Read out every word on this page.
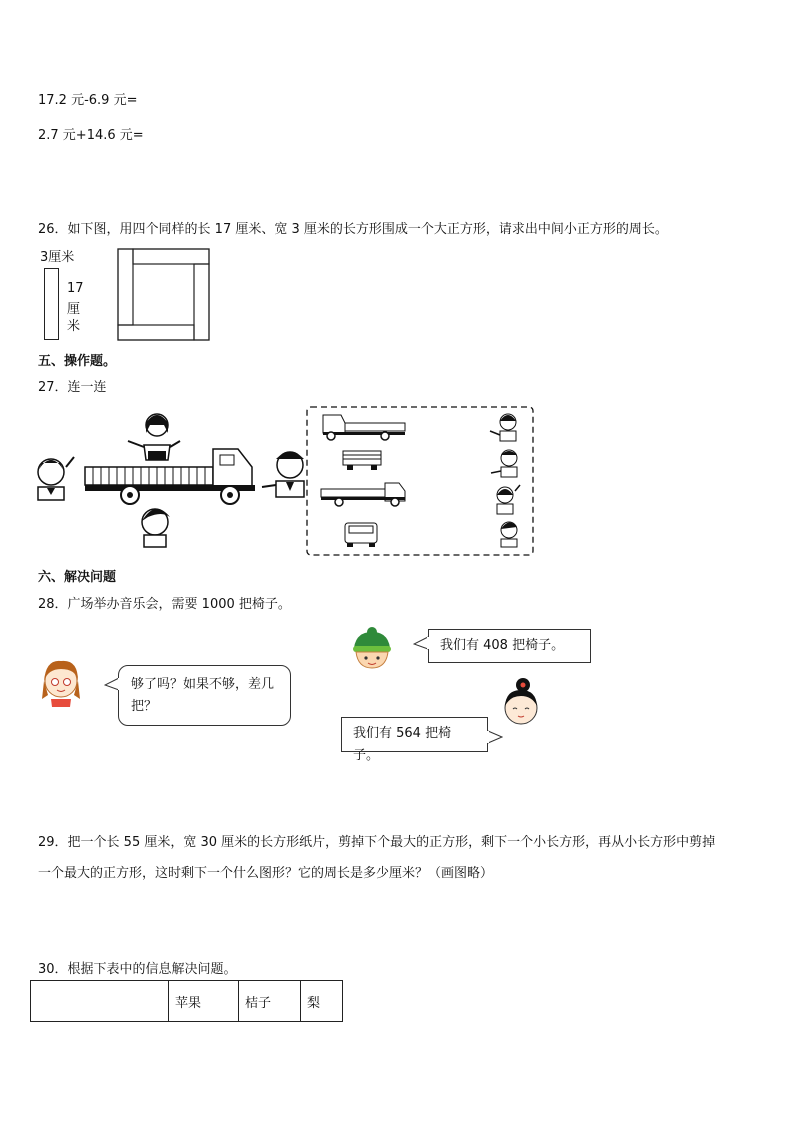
17.2 元-6.9 元=
2.7 元+14.6 元=
26．如下图，用四个同样的长 17 厘米、宽 3 厘米的长方形围成一个大正方形，请求出中间小正方形的周长。
3厘米
17
厘
米
五、操作题。
27．连一连
六、解决问题
28．广场举办音乐会，需要 1000 把椅子。
够了吗？如果不够，差几把？
我们有 408 把椅子。
我们有 564 把椅子。
29．把一个长 55 厘米，宽 30 厘米的长方形纸片，剪掉下个最大的正方形，剩下一个小长方形，再从小长方形中剪掉
一个最大的正方形，这时剩下一个什么图形？它的周长是多少厘米？（画图略）
30．根据下表中的信息解决问题。
	苹果	桔子	梨
